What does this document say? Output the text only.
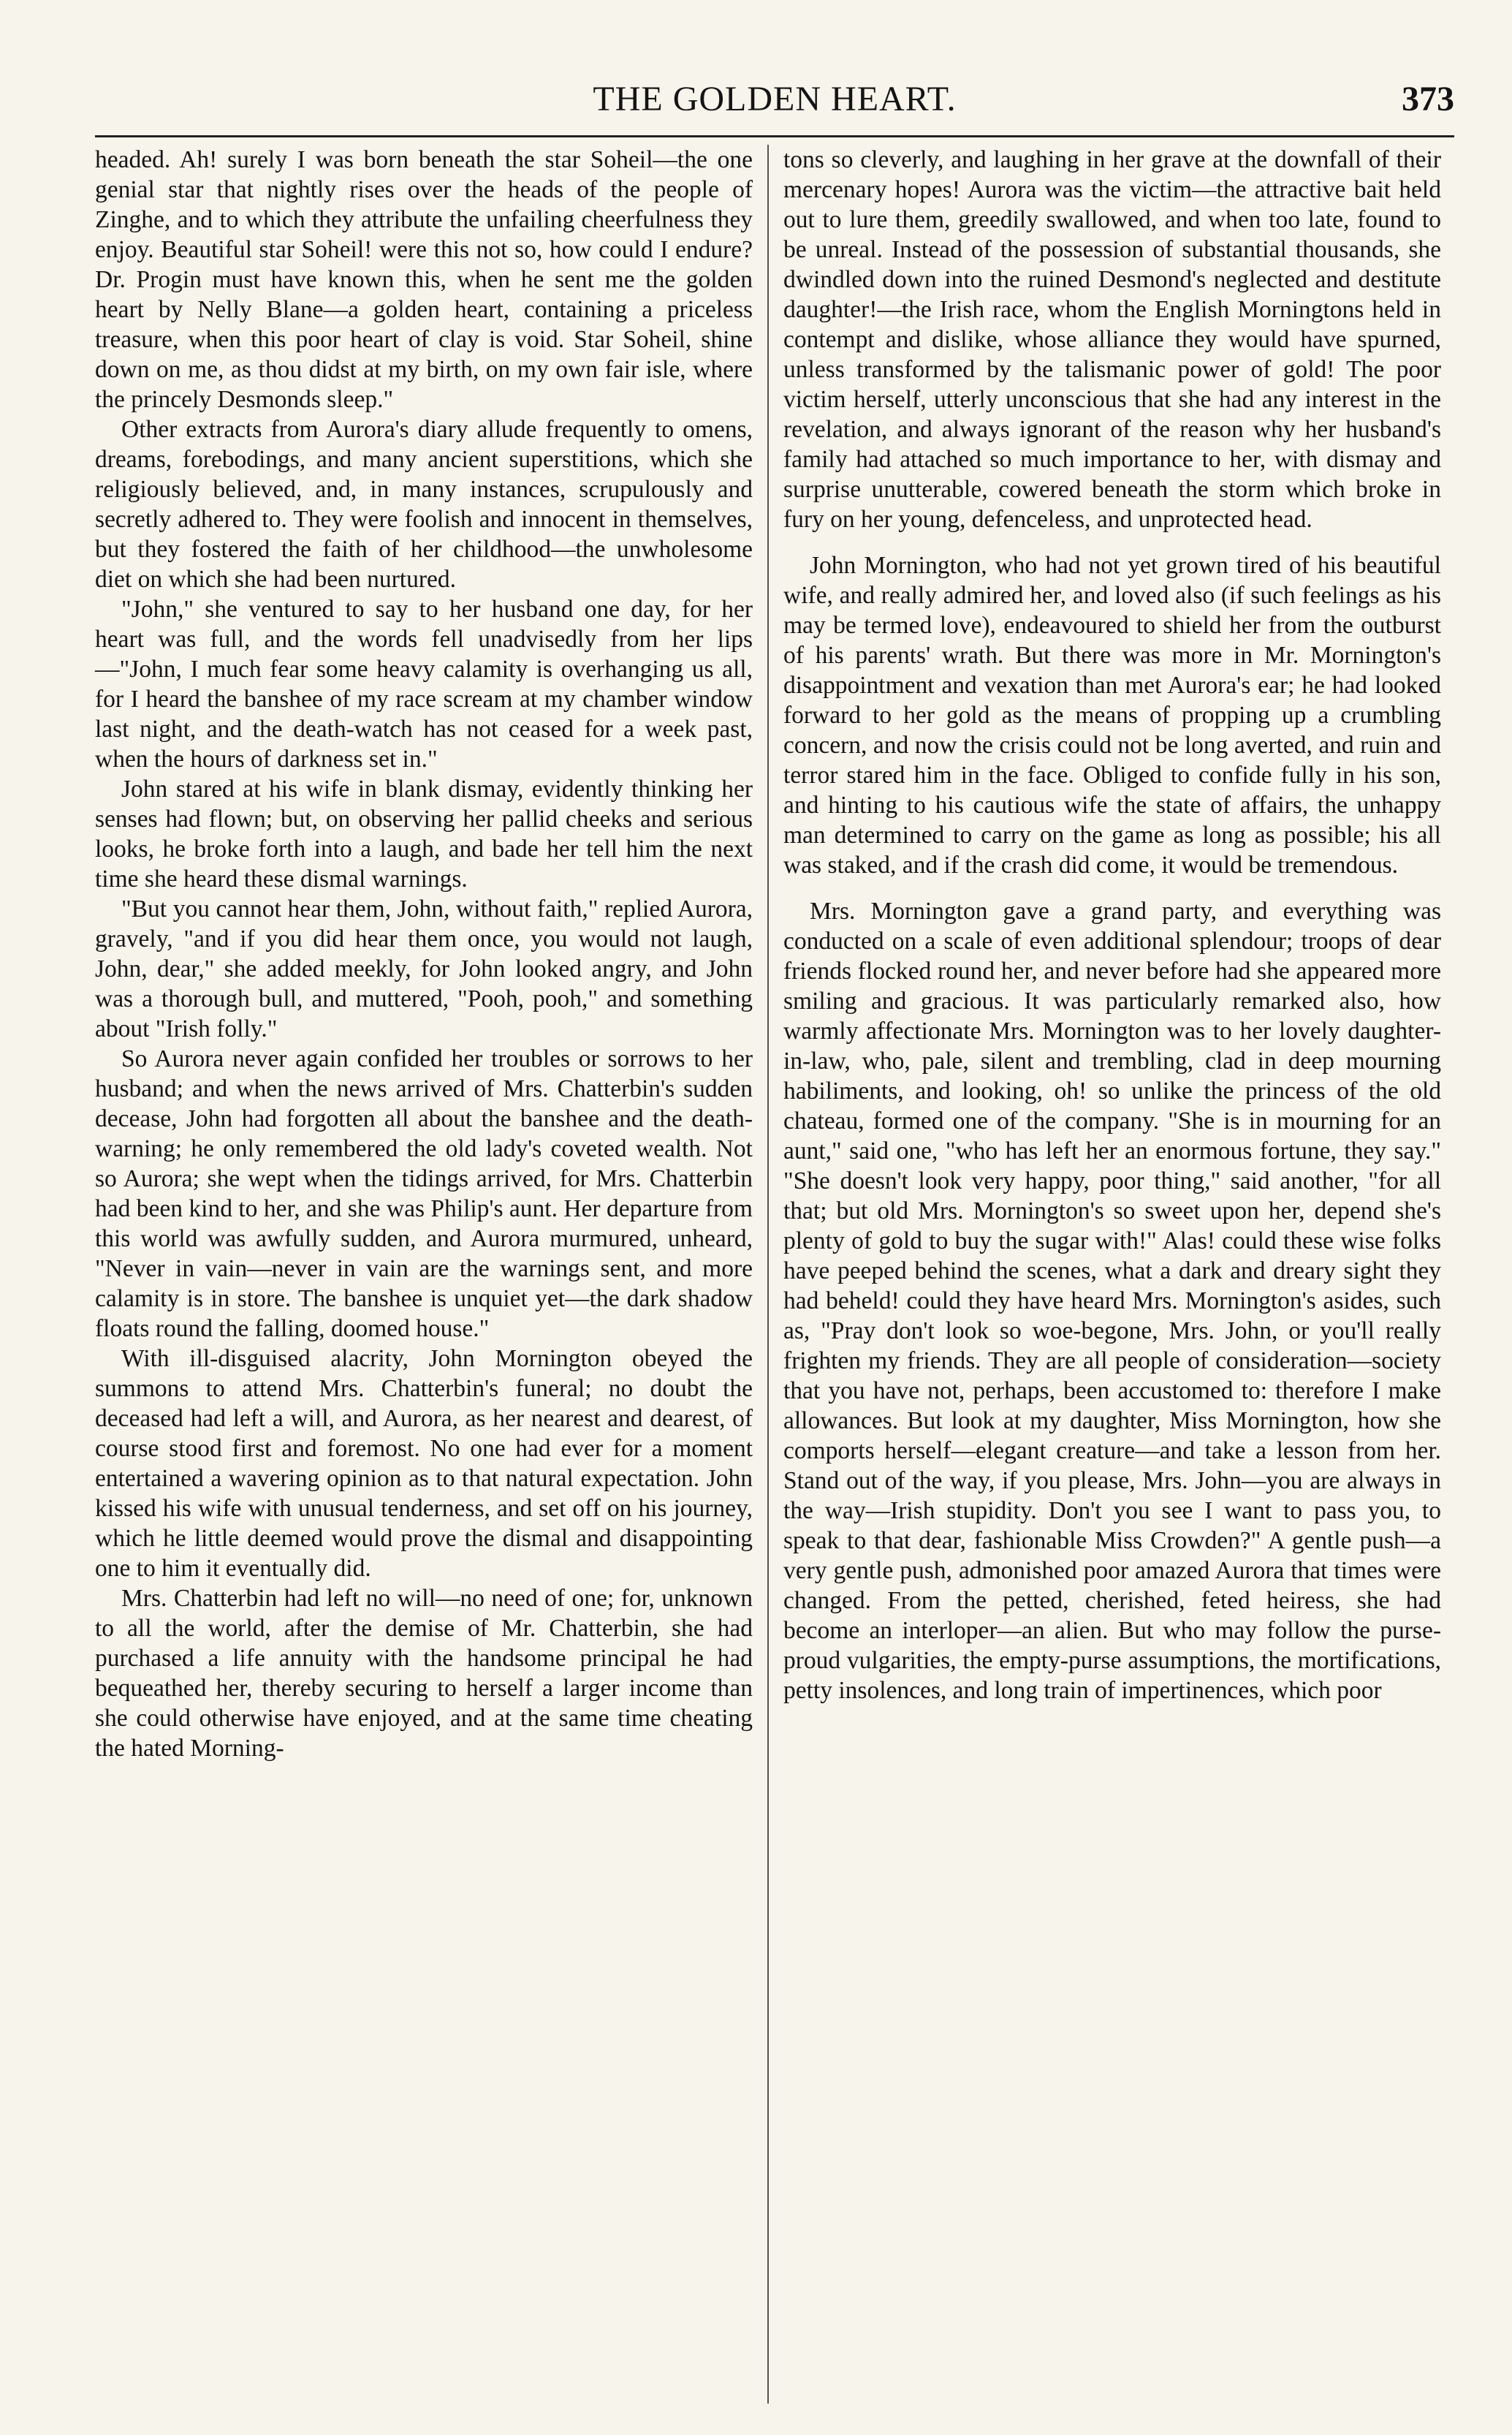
THE GOLDEN HEART.	373

headed. Ah! surely I was born beneath the star Soheil—the one genial star that nightly rises over the heads of the people of Zinghe, and to which they attribute the unfailing cheerfulness they enjoy. Beautiful star Soheil! were this not so, how could I endure? Dr. Progin must have known this, when he sent me the golden heart by Nelly Blane—a golden heart, containing a priceless treasure, when this poor heart of clay is void. Star Soheil, shine down on me, as thou didst at my birth, on my own fair isle, where the princely Desmonds sleep."

Other extracts from Aurora's diary allude frequently to omens, dreams, forebodings, and many ancient superstitions, which she religiously believed, and, in many instances, scrupulously and secretly adhered to. They were foolish and innocent in themselves, but they fostered the faith of her childhood—the unwholesome diet on which she had been nurtured.

"John," she ventured to say to her husband one day, for her heart was full, and the words fell unadvisedly from her lips—"John, I much fear some heavy calamity is overhanging us all, for I heard the banshee of my race scream at my chamber window last night, and the death-watch has not ceased for a week past, when the hours of darkness set in."

John stared at his wife in blank dismay, evidently thinking her senses had flown; but, on observing her pallid cheeks and serious looks, he broke forth into a laugh, and bade her tell him the next time she heard these dismal warnings.

"But you cannot hear them, John, without faith," replied Aurora, gravely, "and if you did hear them once, you would not laugh, John, dear," she added meekly, for John looked angry, and John was a thorough bull, and muttered, "Pooh, pooh," and something about "Irish folly."

So Aurora never again confided her troubles or sorrows to her husband; and when the news arrived of Mrs. Chatterbin's sudden decease, John had forgotten all about the banshee and the death-warning; he only remembered the old lady's coveted wealth. Not so Aurora; she wept when the tidings arrived, for Mrs. Chatterbin had been kind to her, and she was Philip's aunt. Her departure from this world was awfully sudden, and Aurora murmured, unheard, "Never in vain—never in vain are the warnings sent, and more calamity is in store. The banshee is unquiet yet—the dark shadow floats round the falling, doomed house."

With ill-disguised alacrity, John Mornington obeyed the summons to attend Mrs. Chatterbin's funeral; no doubt the deceased had left a will, and Aurora, as her nearest and dearest, of course stood first and foremost. No one had ever for a moment entertained a wavering opinion as to that natural expectation. John kissed his wife with unusual tenderness, and set off on his journey, which he little deemed would prove the dismal and disappointing one to him it eventually did.

Mrs. Chatterbin had left no will—no need of one; for, unknown to all the world, after the demise of Mr. Chatterbin, she had purchased a life annuity with the handsome principal he had bequeathed her, thereby securing to herself a larger income than she could otherwise have enjoyed, and at the same time cheating the hated Morning-

tons so cleverly, and laughing in her grave at the downfall of their mercenary hopes! Aurora was the victim—the attractive bait held out to lure them, greedily swallowed, and when too late, found to be unreal. Instead of the possession of substantial thousands, she dwindled down into the ruined Desmond's neglected and destitute daughter!—the Irish race, whom the English Morningtons held in contempt and dislike, whose alliance they would have spurned, unless transformed by the talismanic power of gold! The poor victim herself, utterly unconscious that she had any interest in the revelation, and always ignorant of the reason why her husband's family had attached so much importance to her, with dismay and surprise unutterable, cowered beneath the storm which broke in fury on her young, defenceless, and unprotected head.

John Mornington, who had not yet grown tired of his beautiful wife, and really admired her, and loved also (if such feelings as his may be termed love), endeavoured to shield her from the outburst of his parents' wrath. But there was more in Mr. Mornington's disappointment and vexation than met Aurora's ear; he had looked forward to her gold as the means of propping up a crumbling concern, and now the crisis could not be long averted, and ruin and terror stared him in the face. Obliged to confide fully in his son, and hinting to his cautious wife the state of affairs, the unhappy man determined to carry on the game as long as possible; his all was staked, and if the crash did come, it would be tremendous.

Mrs. Mornington gave a grand party, and everything was conducted on a scale of even additional splendour; troops of dear friends flocked round her, and never before had she appeared more smiling and gracious. It was particularly remarked also, how warmly affectionate Mrs. Mornington was to her lovely daughter-in-law, who, pale, silent and trembling, clad in deep mourning habiliments, and looking, oh! so unlike the princess of the old chateau, formed one of the company. "She is in mourning for an aunt," said one, "who has left her an enormous fortune, they say." "She doesn't look very happy, poor thing," said another, "for all that; but old Mrs. Mornington's so sweet upon her, depend she's plenty of gold to buy the sugar with!" Alas! could these wise folks have peeped behind the scenes, what a dark and dreary sight they had beheld! could they have heard Mrs. Mornington's asides, such as, "Pray don't look so woe-begone, Mrs. John, or you'll really frighten my friends. They are all people of consideration—society that you have not, perhaps, been accustomed to: therefore I make allowances. But look at my daughter, Miss Mornington, how she comports herself—elegant creature—and take a lesson from her. Stand out of the way, if you please, Mrs. John—you are always in the way—Irish stupidity. Don't you see I want to pass you, to speak to that dear, fashionable Miss Crowden?" A gentle push—a very gentle push, admonished poor amazed Aurora that times were changed. From the petted, cherished, feted heiress, she had become an interloper—an alien. But who may follow the purse-proud vulgarities, the empty-purse assumptions, the mortifications, petty insolences, and long train of impertinences, which poor
